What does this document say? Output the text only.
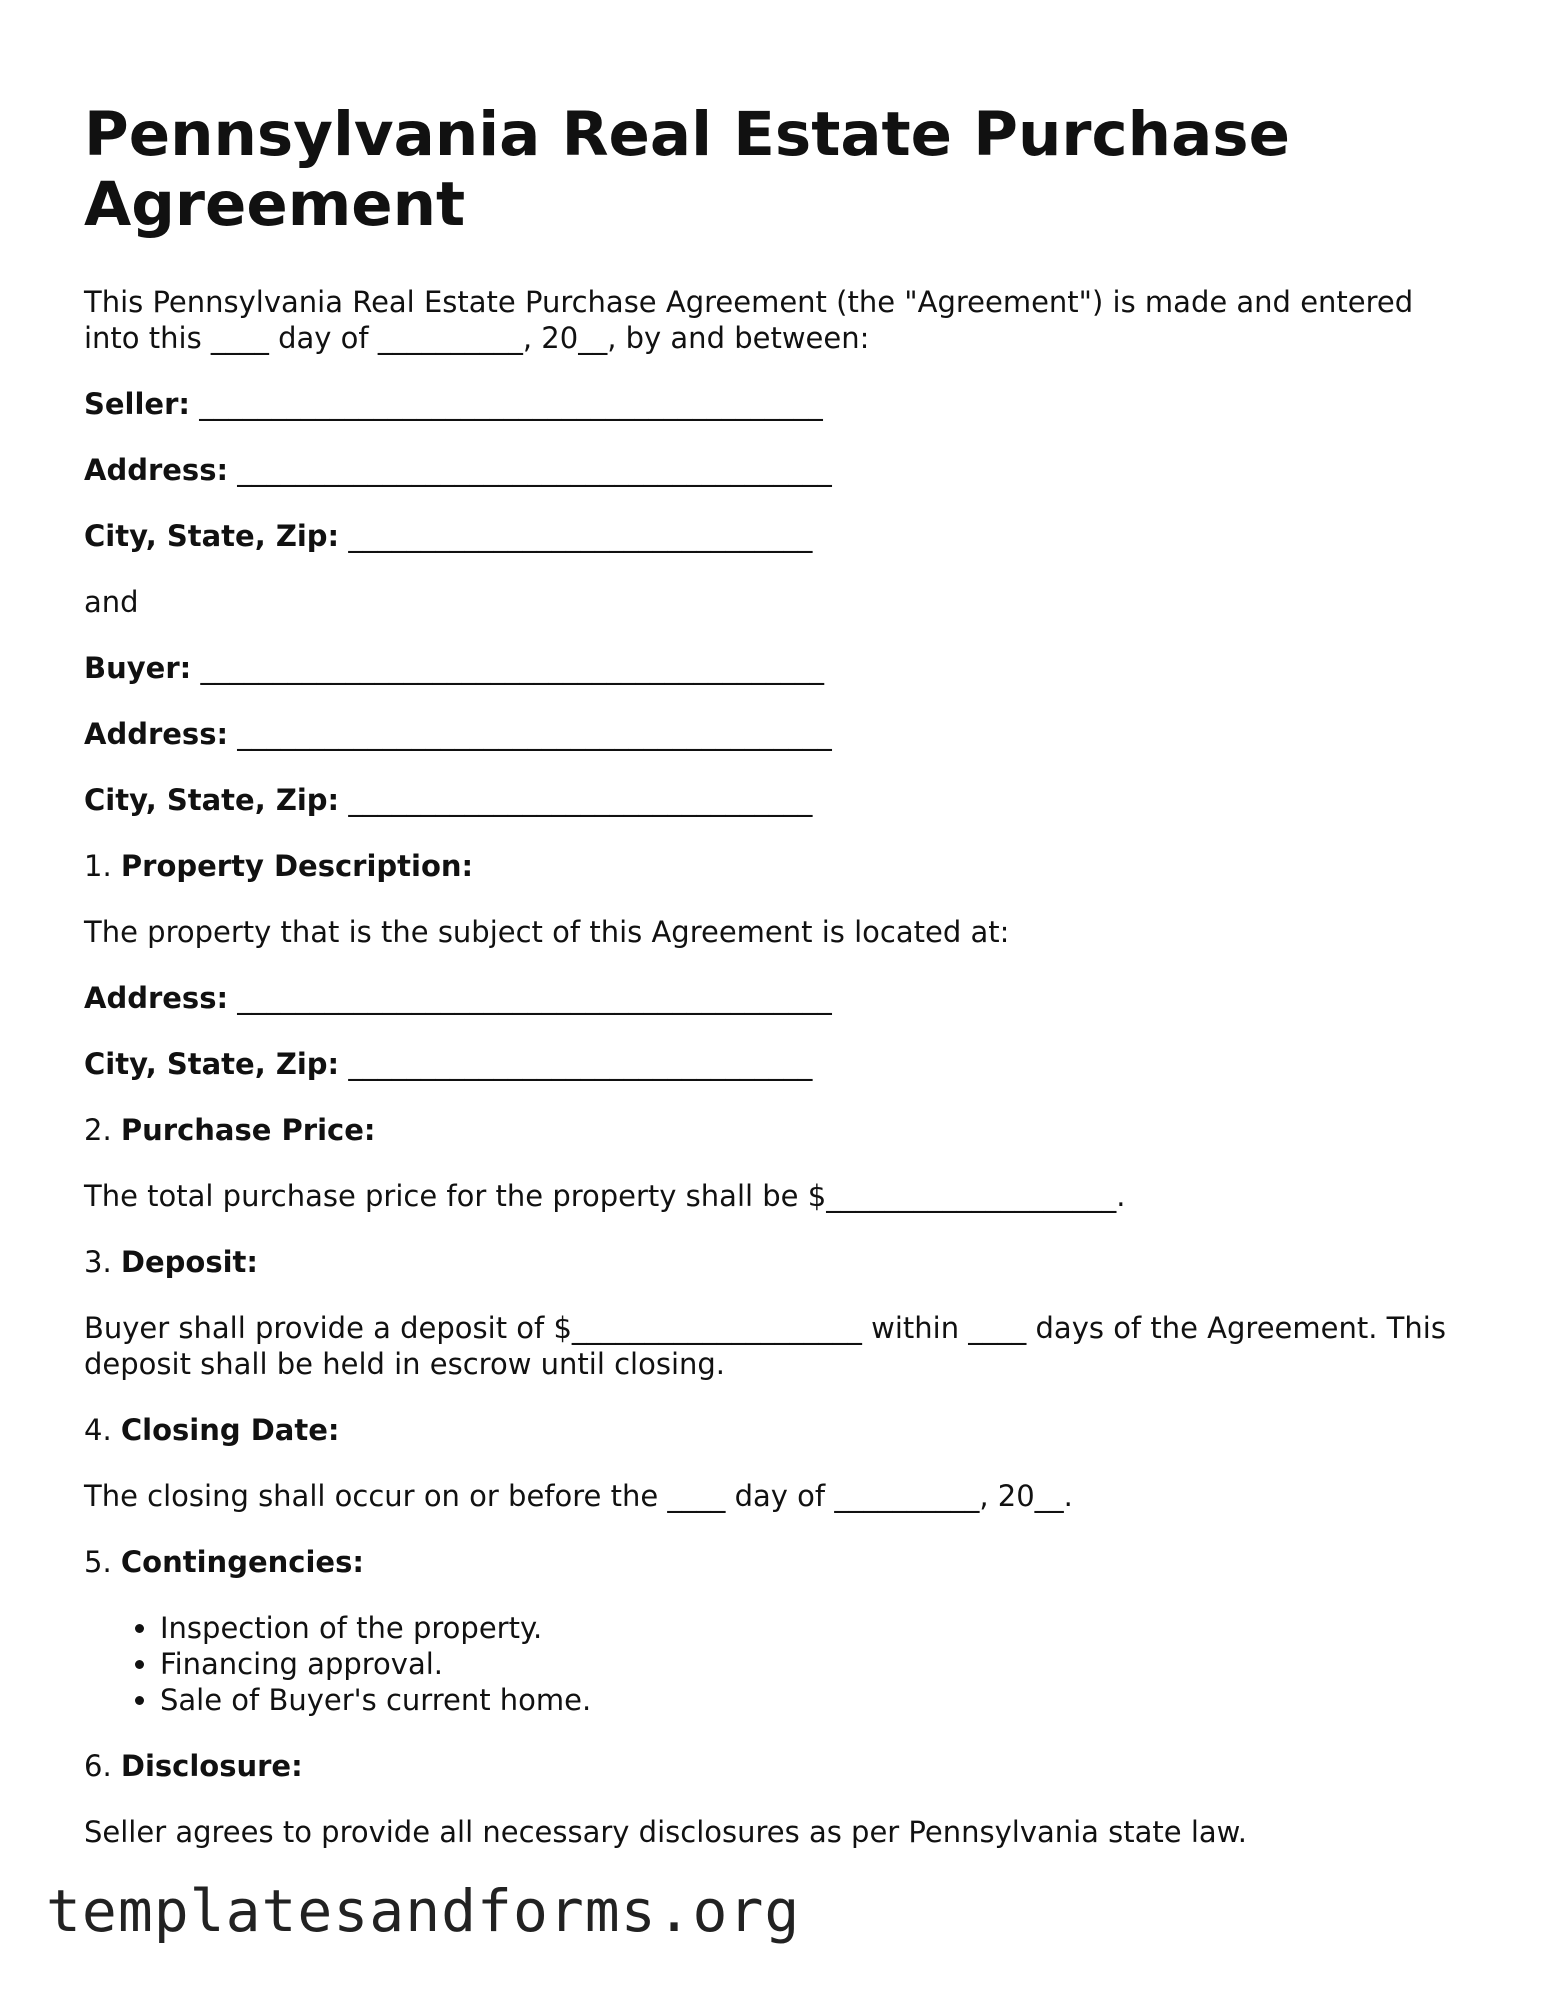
Pennsylvania Real Estate Purchase Agreement

This Pennsylvania Real Estate Purchase Agreement (the "Agreement") is made and entered into this ____ day of __________, 20__, by and between:

Seller: ___________________________________________

Address: _________________________________________

City, State, Zip: ________________________________

and

Buyer: ___________________________________________

Address: _________________________________________

City, State, Zip: ________________________________

1. Property Description:

The property that is the subject of this Agreement is located at:

Address: _________________________________________

City, State, Zip: ________________________________

2. Purchase Price:

The total purchase price for the property shall be $____________________.

3. Deposit:

Buyer shall provide a deposit of $____________________ within ____ days of the Agreement. This deposit shall be held in escrow until closing.

4. Closing Date:

The closing shall occur on or before the ____ day of __________, 20__.

5. Contingencies:

• Inspection of the property.
• Financing approval.
• Sale of Buyer's current home.

6. Disclosure:

Seller agrees to provide all necessary disclosures as per Pennsylvania state law.

templatesandforms.org
